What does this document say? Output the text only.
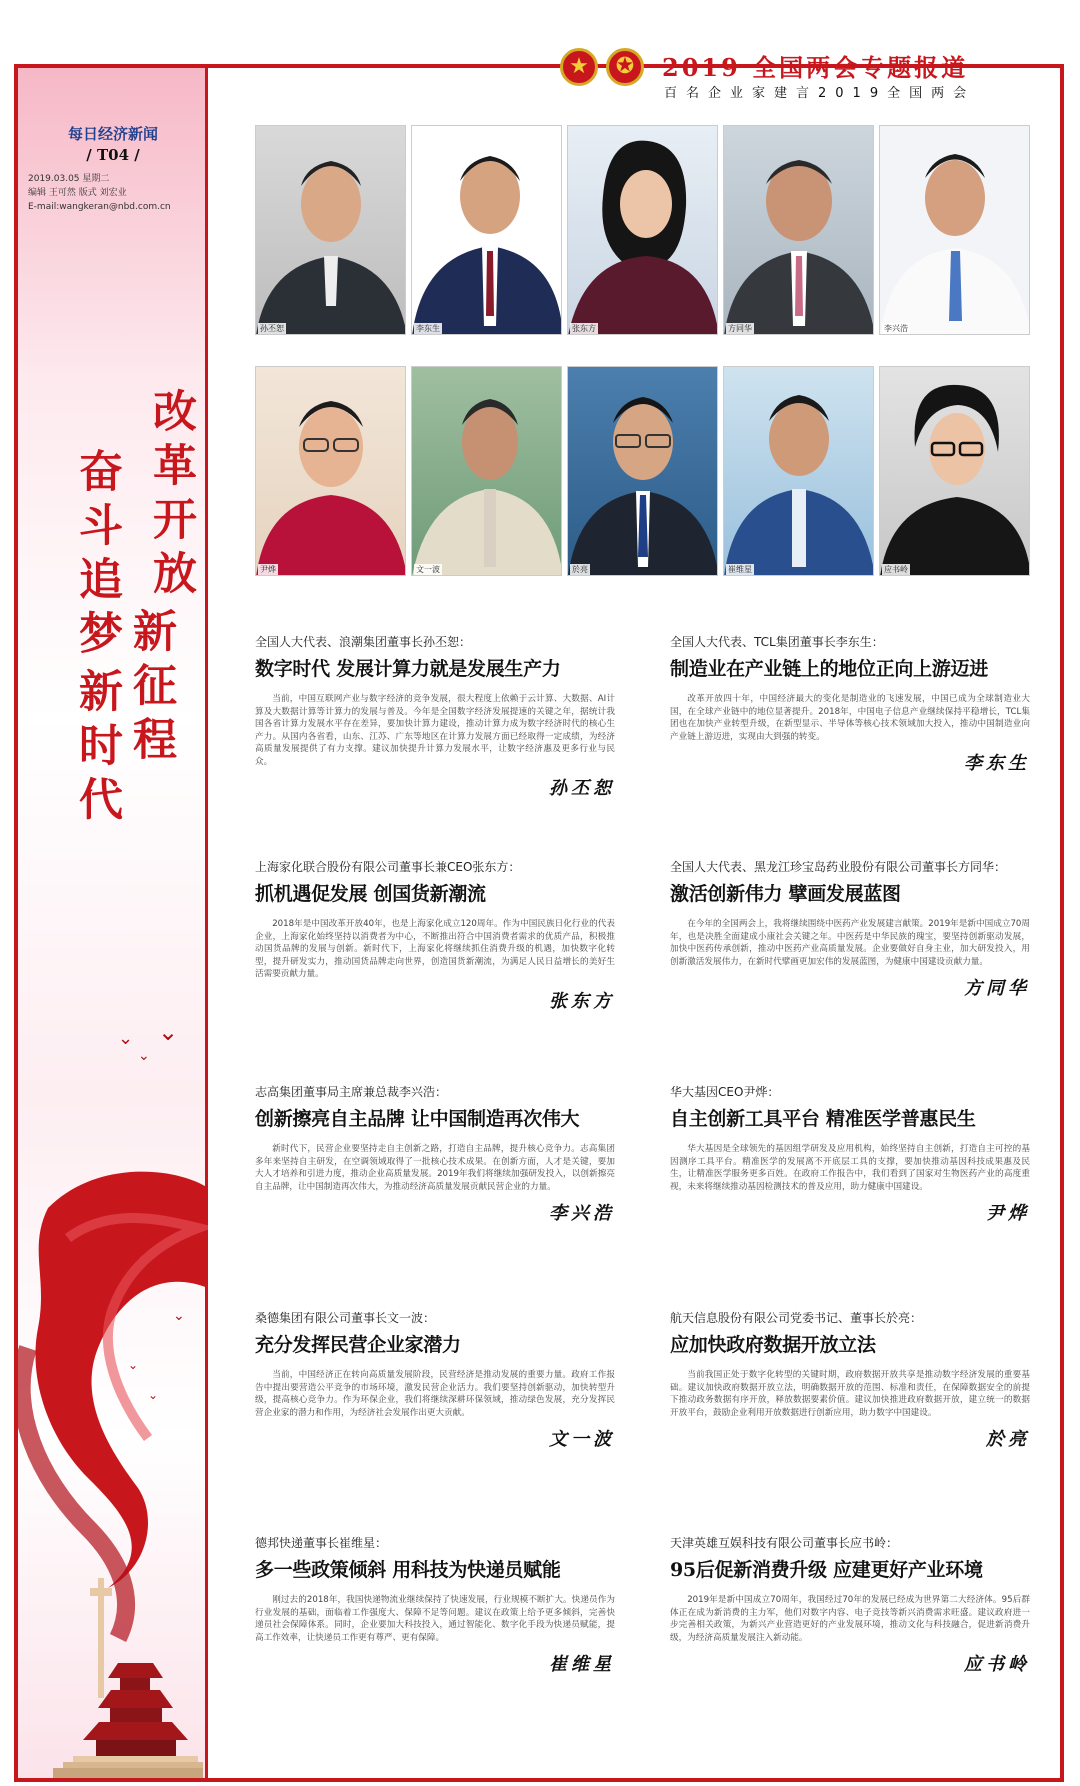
★	✪	2019 全国两会专题报道
百名企业家建言2019全国两会
每日经济新闻
/ T04 /
2019.03.05 星期二
编辑 王可然 版式 刘宏业
E-mail:wangkeran@nbd.com.cn
改革开放
新征程
奋斗追梦
新时代
⌄ ⌄
⌄
⌄
⌄
⌄
孙丕恕	李东生	张东方	方同华	李兴浩
尹烨	文一波	於亮	崔维星	应书岭
全国人大代表、浪潮集团董事长孙丕恕：
数字时代 发展计算力就是发展生产力
当前，中国互联网产业与数字经济的竞争发展，很大程度上依赖于云计算、大数据、AI计算及大数据计算等计算力的发展与普及。今年是全国数字经济发展提速的关键之年，据统计我国各省计算力发展水平存在差异，要加快计算力建设，推动计算力成为数字经济时代的核心生产力。从国内各省看，山东、江苏、广东等地区在计算力发展方面已经取得一定成绩，为经济高质量发展提供了有力支撑。建议加快提升计算力发展水平，让数字经济惠及更多行业与民众。
孙丕恕
全国人大代表、TCL集团董事长李东生：
制造业在产业链上的地位正向上游迈进
改革开放四十年，中国经济最大的变化是制造业的飞速发展，中国已成为全球制造业大国，在全球产业链中的地位显著提升。2018年，中国电子信息产业继续保持平稳增长，TCL集团也在加快产业转型升级，在新型显示、半导体等核心技术领域加大投入，推动中国制造业向产业链上游迈进，实现由大到强的转变。
李东生
上海家化联合股份有限公司董事长兼CEO张东方：
抓机遇促发展 创国货新潮流
2018年是中国改革开放40年，也是上海家化成立120周年。作为中国民族日化行业的代表企业，上海家化始终坚持以消费者为中心，不断推出符合中国消费者需求的优质产品，积极推动国货品牌的发展与创新。新时代下，上海家化将继续抓住消费升级的机遇，加快数字化转型，提升研发实力，推动国货品牌走向世界，创造国货新潮流，为满足人民日益增长的美好生活需要贡献力量。
张东方
全国人大代表、黑龙江珍宝岛药业股份有限公司董事长方同华：
激活创新伟力 擘画发展蓝图
在今年的全国两会上，我将继续围绕中医药产业发展建言献策。2019年是新中国成立70周年，也是决胜全面建成小康社会关键之年。中医药是中华民族的瑰宝，要坚持创新驱动发展，加快中医药传承创新，推动中医药产业高质量发展。企业要做好自身主业，加大研发投入，用创新激活发展伟力，在新时代擘画更加宏伟的发展蓝图，为健康中国建设贡献力量。
方同华
志高集团董事局主席兼总裁李兴浩：
创新擦亮自主品牌 让中国制造再次伟大
新时代下，民营企业要坚持走自主创新之路，打造自主品牌，提升核心竞争力。志高集团多年来坚持自主研发，在空调领域取得了一批核心技术成果。在创新方面，人才是关键，要加大人才培养和引进力度，推动企业高质量发展。2019年我们将继续加强研发投入，以创新擦亮自主品牌，让中国制造再次伟大，为推动经济高质量发展贡献民营企业的力量。
李兴浩
华大基因CEO尹烨：
自主创新工具平台 精准医学普惠民生
华大基因是全球领先的基因组学研发及应用机构，始终坚持自主创新，打造自主可控的基因测序工具平台。精准医学的发展离不开底层工具的支撑，要加快推动基因科技成果惠及民生，让精准医学服务更多百姓。在政府工作报告中，我们看到了国家对生物医药产业的高度重视，未来将继续推动基因检测技术的普及应用，助力健康中国建设。
尹烨
桑德集团有限公司董事长文一波：
充分发挥民营企业家潜力
当前，中国经济正在转向高质量发展阶段，民营经济是推动发展的重要力量。政府工作报告中提出要营造公平竞争的市场环境，激发民营企业活力。我们要坚持创新驱动，加快转型升级，提高核心竞争力。作为环保企业，我们将继续深耕环保领域，推动绿色发展，充分发挥民营企业家的潜力和作用，为经济社会发展作出更大贡献。
文一波
航天信息股份有限公司党委书记、董事长於亮：
应加快政府数据开放立法
当前我国正处于数字化转型的关键时期，政府数据开放共享是推动数字经济发展的重要基础。建议加快政府数据开放立法，明确数据开放的范围、标准和责任，在保障数据安全的前提下推动政务数据有序开放，释放数据要素价值。建议加快推进政府数据开放，建立统一的数据开放平台，鼓励企业利用开放数据进行创新应用，助力数字中国建设。
於亮
德邦快递董事长崔维星：
多一些政策倾斜 用科技为快递员赋能
刚过去的2018年，我国快递物流业继续保持了快速发展，行业规模不断扩大。快递员作为行业发展的基础，面临着工作强度大、保障不足等问题。建议在政策上给予更多倾斜，完善快递员社会保障体系。同时，企业要加大科技投入，通过智能化、数字化手段为快递员赋能，提高工作效率，让快递员工作更有尊严、更有保障。
崔维星
天津英雄互娱科技有限公司董事长应书岭：
95后促新消费升级 应建更好产业环境
2019年是新中国成立70周年，我国经过70年的发展已经成为世界第二大经济体。95后群体正在成为新消费的主力军，他们对数字内容、电子竞技等新兴消费需求旺盛。建议政府进一步完善相关政策，为新兴产业营造更好的产业发展环境，推动文化与科技融合，促进新消费升级，为经济高质量发展注入新动能。
应书岭
